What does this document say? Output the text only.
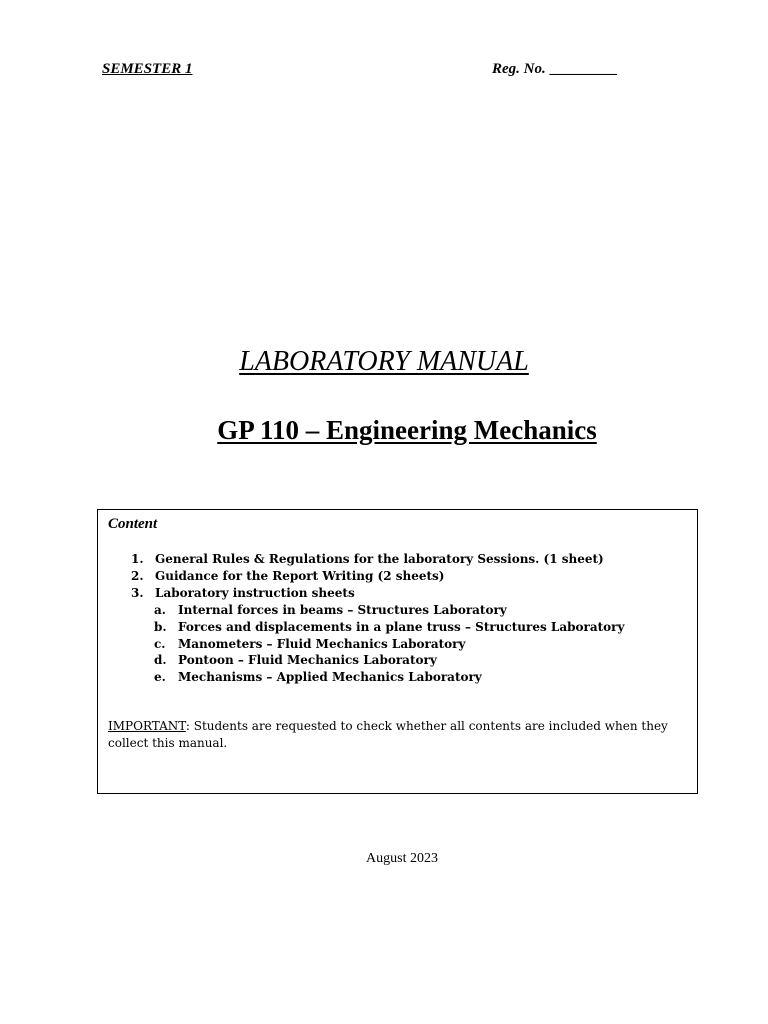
SEMESTER 1	Reg. No. _________
LABORATORY MANUAL
GP 110 – Engineering Mechanics
Content
1. General Rules & Regulations for the laboratory Sessions. (1 sheet)
2. Guidance for the Report Writing (2 sheets)
3. Laboratory instruction sheets
a. Internal forces in beams – Structures Laboratory
b. Forces and displacements in a plane truss – Structures Laboratory
c. Manometers – Fluid Mechanics Laboratory
d. Pontoon – Fluid Mechanics Laboratory
e. Mechanisms – Applied Mechanics Laboratory
IMPORTANT: Students are requested to check whether all contents are included when they collect this manual.
August 2023
